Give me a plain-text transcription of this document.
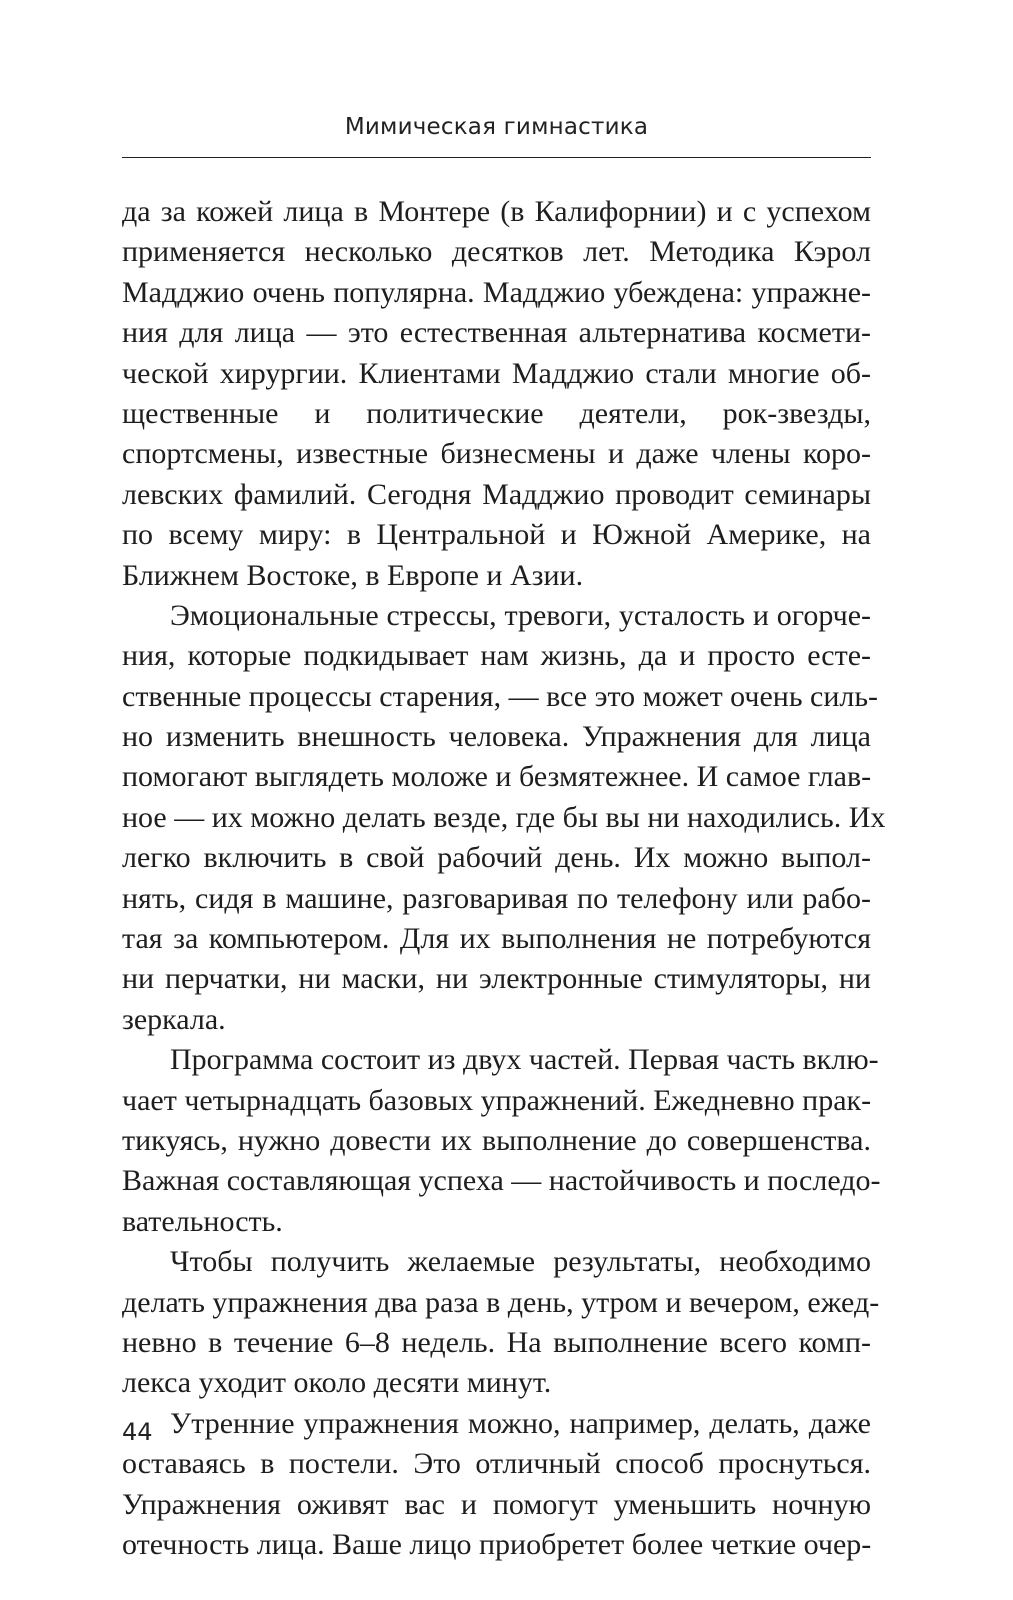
Мимическая гимнастика
да за кожей лица в Монтере (в Калифорнии) и с успехом
применяется несколько десятков лет. Методика Кэрол
Мадджио очень популярна. Мадджио убеждена: упражне-
ния для лица — это естественная альтернатива космети-
ческой хирургии. Клиентами Мадджио стали многие об-
щественные и политические деятели, рок-звезды,
спортсмены, известные бизнесмены и даже члены коро-
левских фамилий. Сегодня Мадджио проводит семинары
по всему миру: в Центральной и Южной Америке, на
Ближнем Востоке, в Европе и Азии.
Эмоциональные стрессы, тревоги, усталость и огорче-
ния, которые подкидывает нам жизнь, да и просто есте-
ственные процессы старения, — все это может очень силь-
но изменить внешность человека. Упражнения для лица
помогают выглядеть моложе и безмятежнее. И самое глав-
ное — их можно делать везде, где бы вы ни находились. Их
легко включить в свой рабочий день. Их можно выпол-
нять, сидя в машине, разговаривая по телефону или рабо-
тая за компьютером. Для их выполнения не потребуются
ни перчатки, ни маски, ни электронные стимуляторы, ни
зеркала.
Программа состоит из двух частей. Первая часть вклю-
чает четырнадцать базовых упражнений. Ежедневно прак-
тикуясь, нужно довести их выполнение до совершенства.
Важная составляющая успеха — настойчивость и последо-
вательность.
Чтобы получить желаемые результаты, необходимо
делать упражнения два раза в день, утром и вечером, ежед-
невно в течение 6–8 недель. На выполнение всего комп-
лекса уходит около десяти минут.
Утренние упражнения можно, например, делать, даже
оставаясь в постели. Это отличный способ проснуться.
Упражнения оживят вас и помогут уменьшить ночную
отечность лица. Ваше лицо приобретет более четкие очер-
44
